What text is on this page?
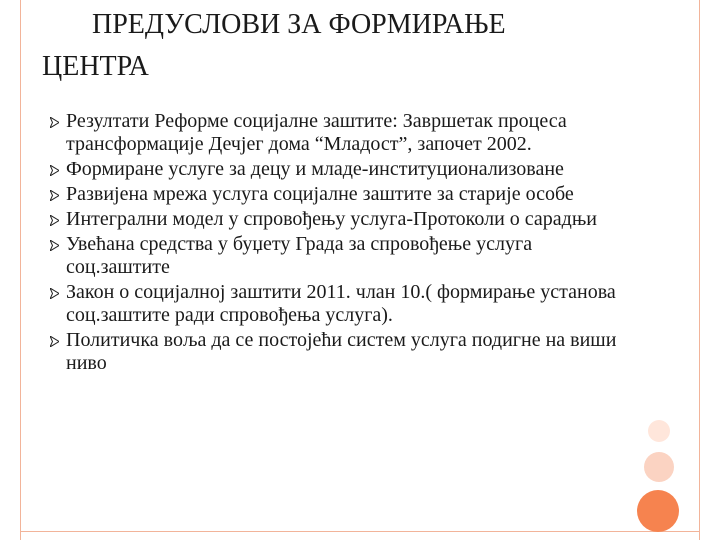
ПРЕДУСЛОВИ ЗА ФОРМИРАЊЕ
ЦЕНТРА
Резултати Реформе социјалне заштите: Завршетак процеса
трансформације Дечјег дома “Младост”, започет 2002.
Формиране услуге за децу и младе-институционализоване
Развијена мрежа услуга социјалне заштите за старије особе
Интегрални модел у спровођењу услуга-Протоколи о сарадњи
Увећана средства у буџету Града за спровођење услуга
соц.заштите
Закон о социјалној заштити 2011. члан 10.( формирање установа
соц.заштите ради спровођења услуга).
Политичка воља да се постојећи систем услуга подигне на виши
ниво
